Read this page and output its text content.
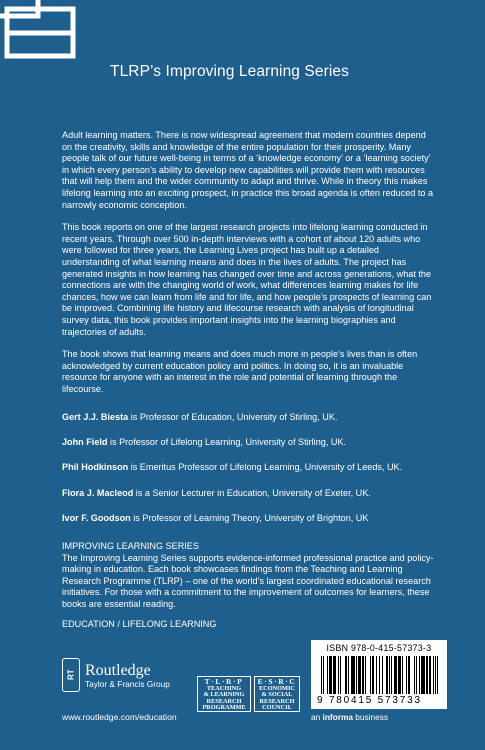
TLRP’s Improving Learning Series

Adult learning matters. There is now widespread agreement that modern countries depend on the creativity, skills and knowledge of the entire population for their prosperity. Many people talk of our future well-being in terms of a ‘knowledge economy’ or a ‘learning society’ in which every person’s ability to develop new capabilities will provide them with resources that will help them and the wider community to adapt and thrive. While in theory this makes lifelong learning into an exciting prospect, in practice this broad agenda is often reduced to a narrowly economic conception.

This book reports on one of the largest research projects into lifelong learning conducted in recent years. Through over 500 in-depth interviews with a cohort of about 120 adults who were followed for three years, the Learning Lives project has built up a detailed understanding of what learning means and does in the lives of adults. The project has generated insights in how learning has changed over time and across generations, what the connections are with the changing world of work, what differences learning makes for life chances, how we can learn from life and for life, and how people’s prospects of learning can be improved. Combining life history and lifecourse research with analysis of longitudinal survey data, this book provides important insights into the learning biographies and trajectories of adults.

The book shows that learning means and does much more in people’s lives than is often acknowledged by current education policy and politics. In doing so, it is an invaluable resource for anyone with an interest in the role and potential of learning through the lifecourse.

Gert J.J. Biesta is Professor of Education, University of Stirling, UK.
John Field is Professor of Lifelong Learning, University of Stirling, UK.
Phil Hodkinson is Emeritus Professor of Lifelong Learning, University of Leeds, UK.
Flora J. Macleod is a Senior Lecturer in Education, University of Exeter, UK.
Ivor F. Goodson is Professor of Learning Theory, University of Brighton, UK
IMPROVING LEARNING SERIES
The Improving Learning Series supports evidence-informed professional practice and policy-making in education. Each book showcases findings from the Teaching and Learning Research Programme (TLRP) – one of the world’s largest coordinated educational research initiatives. For those with a commitment to the improvement of outcomes for learners, these books are essential reading.
EDUCATION / LIFELONG LEARNING
RT Routledge
Taylor & Francis Group
www.routledge.com/education
T·L·R·P
TEACHING
& LEARNING
RESEARCH
PROGRAMME
E·S·R·C
ECONOMIC
& SOCIAL
RESEARCH
COUNCIL
ISBN 978-0-415-57373-3
9 780415 573733
an informa business
